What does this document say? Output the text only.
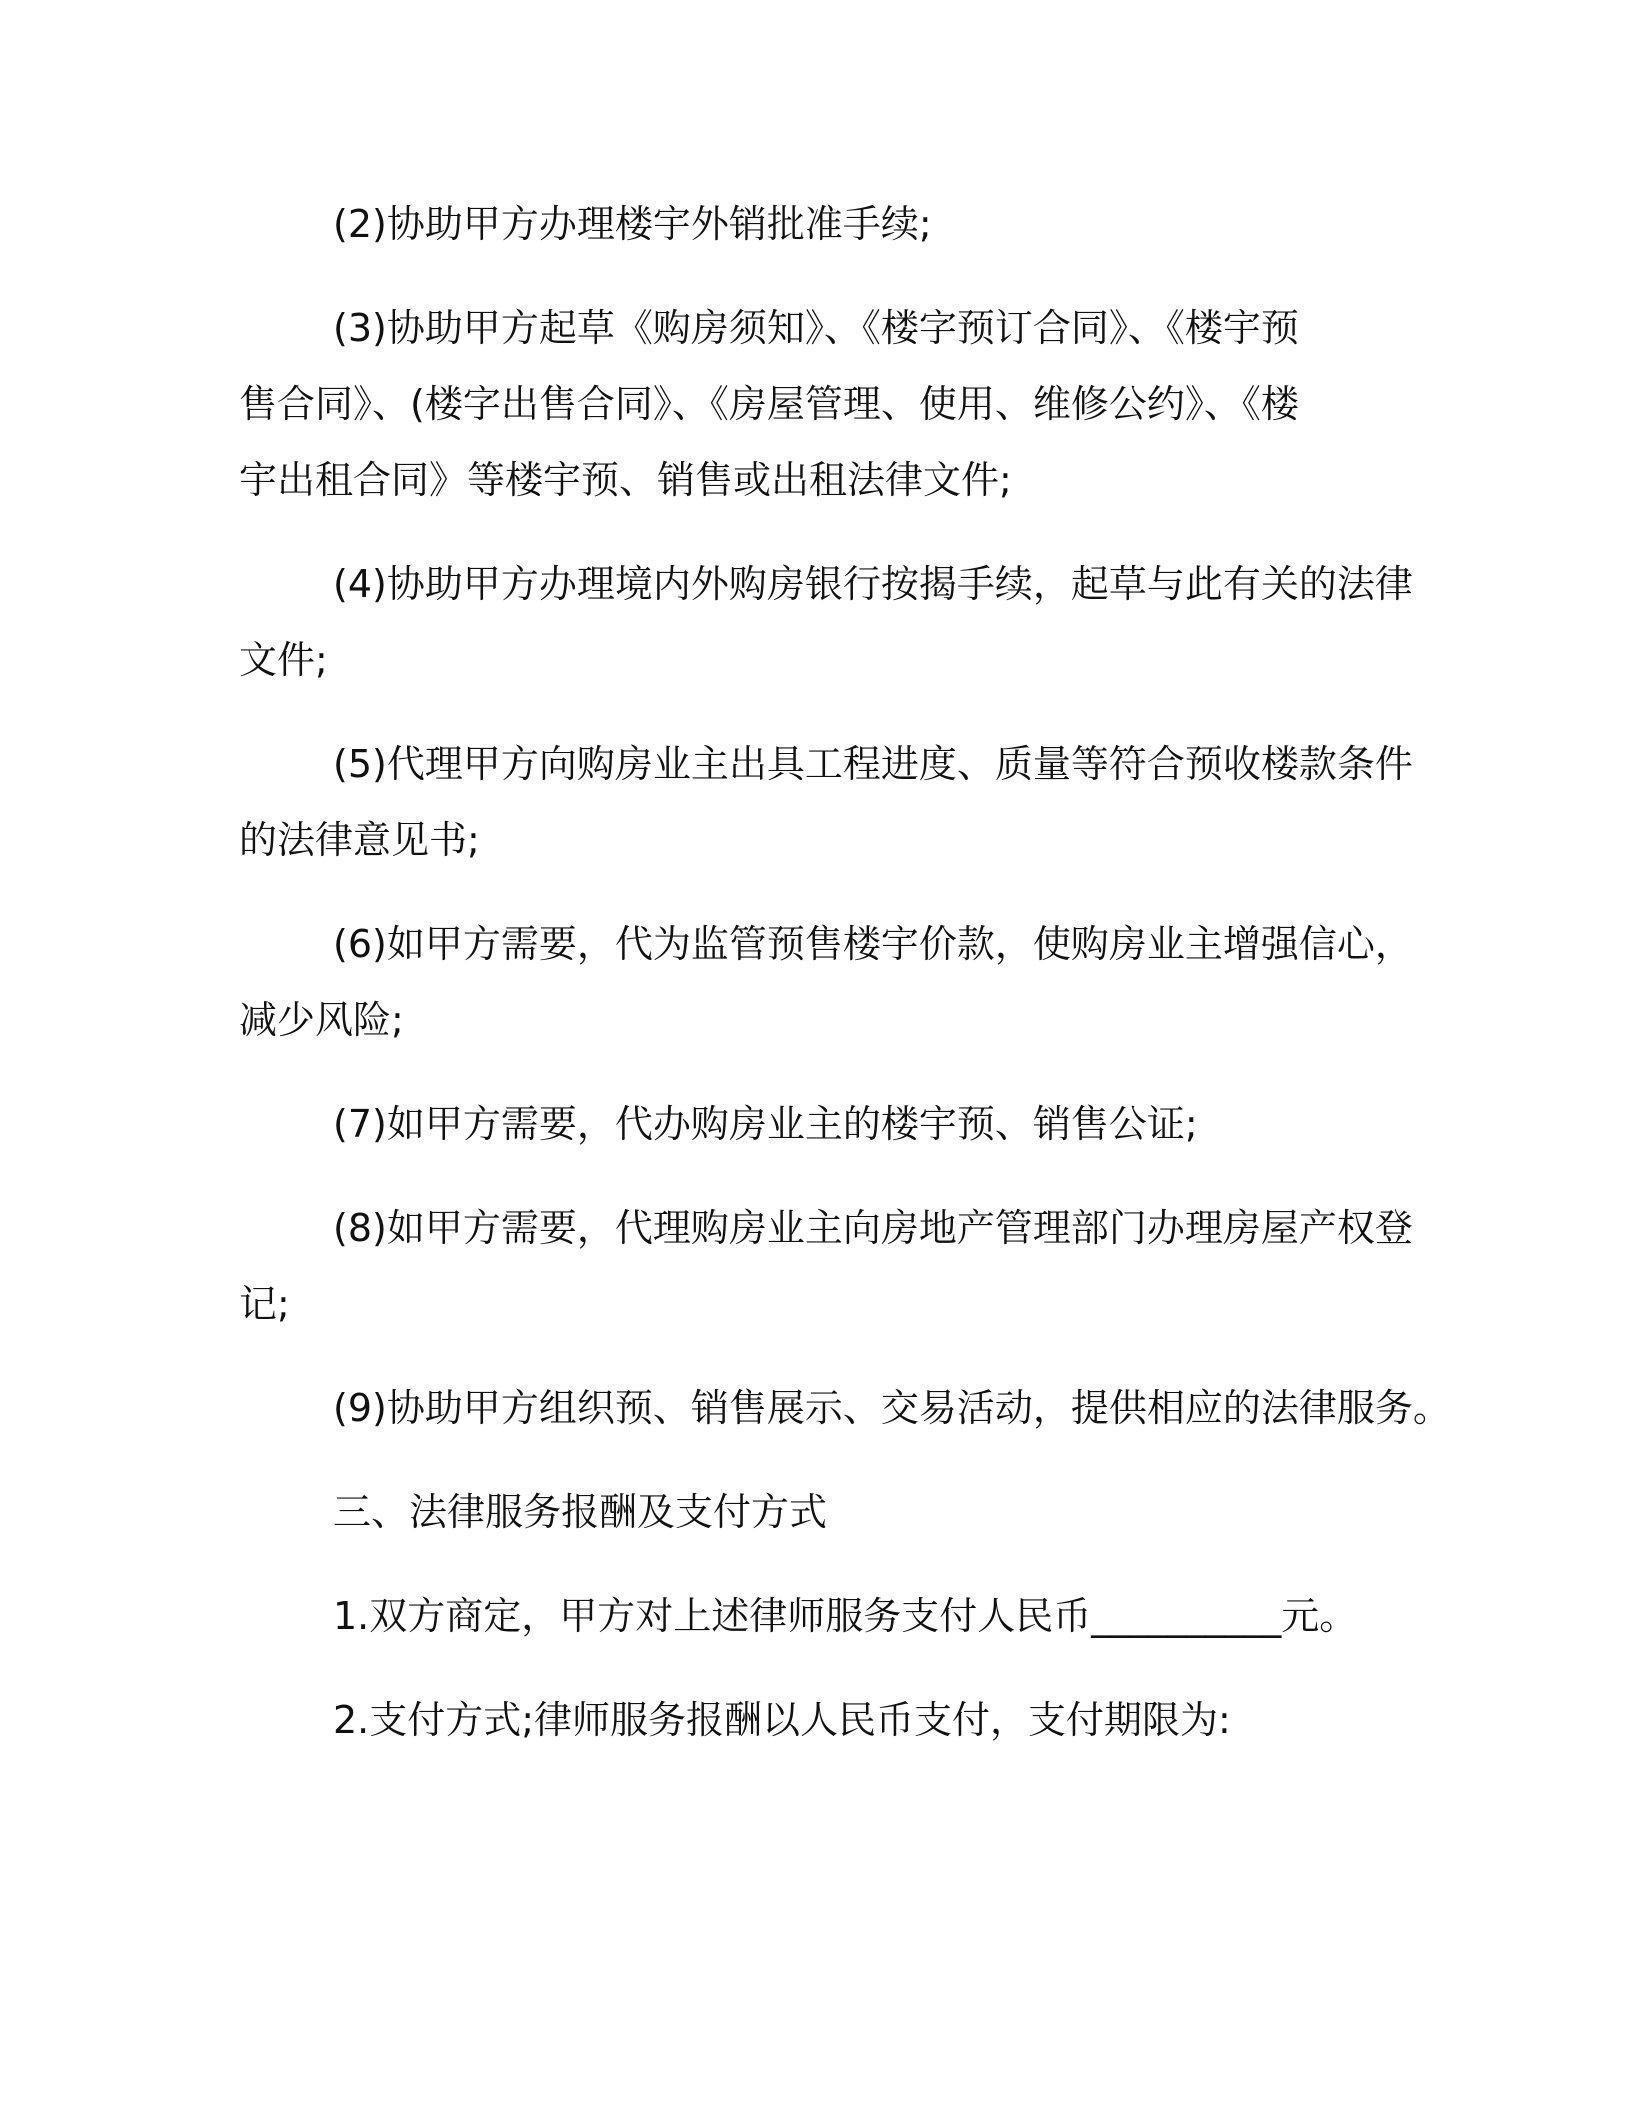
(2)协助甲方办理楼宇外销批准手续;

(3)协助甲方起草《购房须知》、《楼字预订合同》、《楼宇预
售合同》、(楼字出售合同》、《房屋管理、使用、维修公约》、《楼
宇出租合同》等楼宇预、销售或出租法律文件;

(4)协助甲方办理境内外购房银行按揭手续，起草与此有关的法律
文件;

(5)代理甲方向购房业主出具工程进度、质量等符合预收楼款条件
的法律意见书;

(6)如甲方需要，代为监管预售楼宇价款，使购房业主增强信心，
减少风险;

(7)如甲方需要，代办购房业主的楼宇预、销售公证;

(8)如甲方需要，代理购房业主向房地产管理部门办理房屋产权登
记;

(9)协助甲方组织预、销售展示、交易活动，提供相应的法律服务。

三、法律服务报酬及支付方式

1.双方商定，甲方对上述律师服务支付人民币__________元。

2.支付方式;律师服务报酬以人民币支付，支付期限为:
